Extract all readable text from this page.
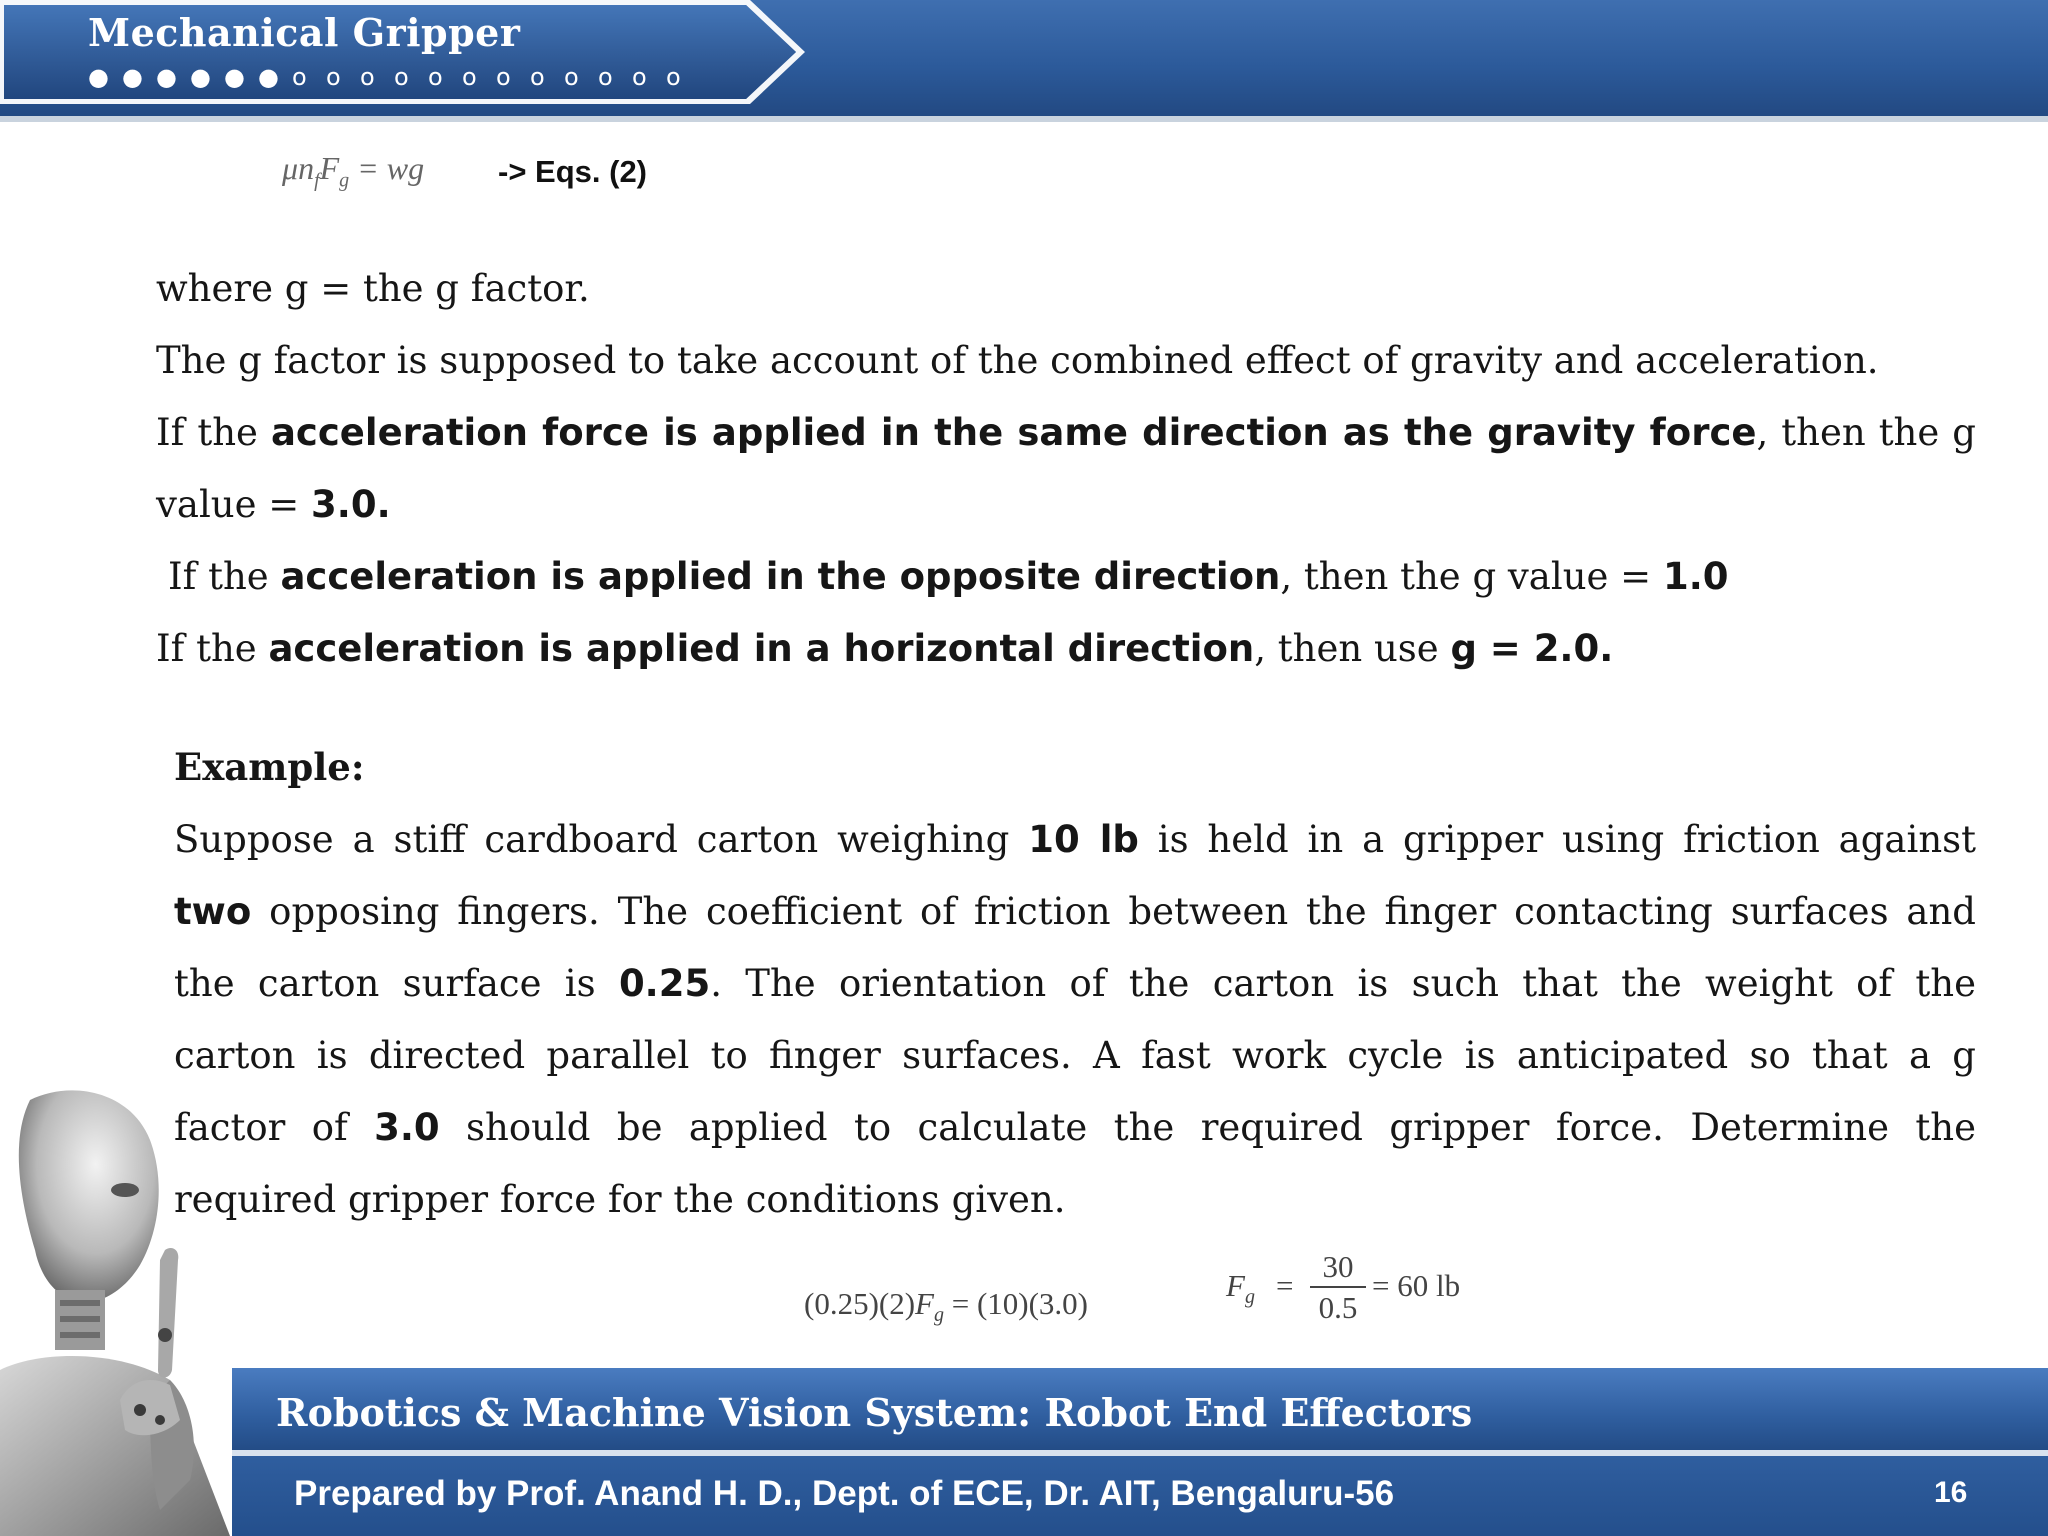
Mechanical Gripper
● ● ● ● ● ● o o o o o o o o o o o o
$\mu n_fF_g$ = wg -> Eqs. (2)
where g = the g factor.
The g factor is supposed to take account of the combined effect of gravity and acceleration.
If the acceleration force is applied in the same direction as the gravity force, then the g
value = 3.0.
If the acceleration is applied in the opposite direction, then the g value = 1.0
If the acceleration is applied in a horizontal direction, then use g = 2.0.
Example:
Suppose a stiff cardboard carton weighing 10 lb is held in a gripper using friction against
two opposing fingers. The coefficient of friction between the finger contacting surfaces and
the carton surface is 0.25. The orientation of the carton is such that the weight of the
carton is directed parallel to finger surfaces. A fast work cycle is anticipated so that a g
factor of 3.0 should be applied to calculate the required gripper force. Determine the
required gripper force for the conditions given.
$(0.25)(2)F_g = (10)(3.0)$
$F_g = \frac{30}{0.5} = 60$ lb
Robotics & Machine Vision System: Robot End Effectors
Prepared by Prof. Anand H. D., Dept. of ECE, Dr. AIT, Bengaluru-56	16
